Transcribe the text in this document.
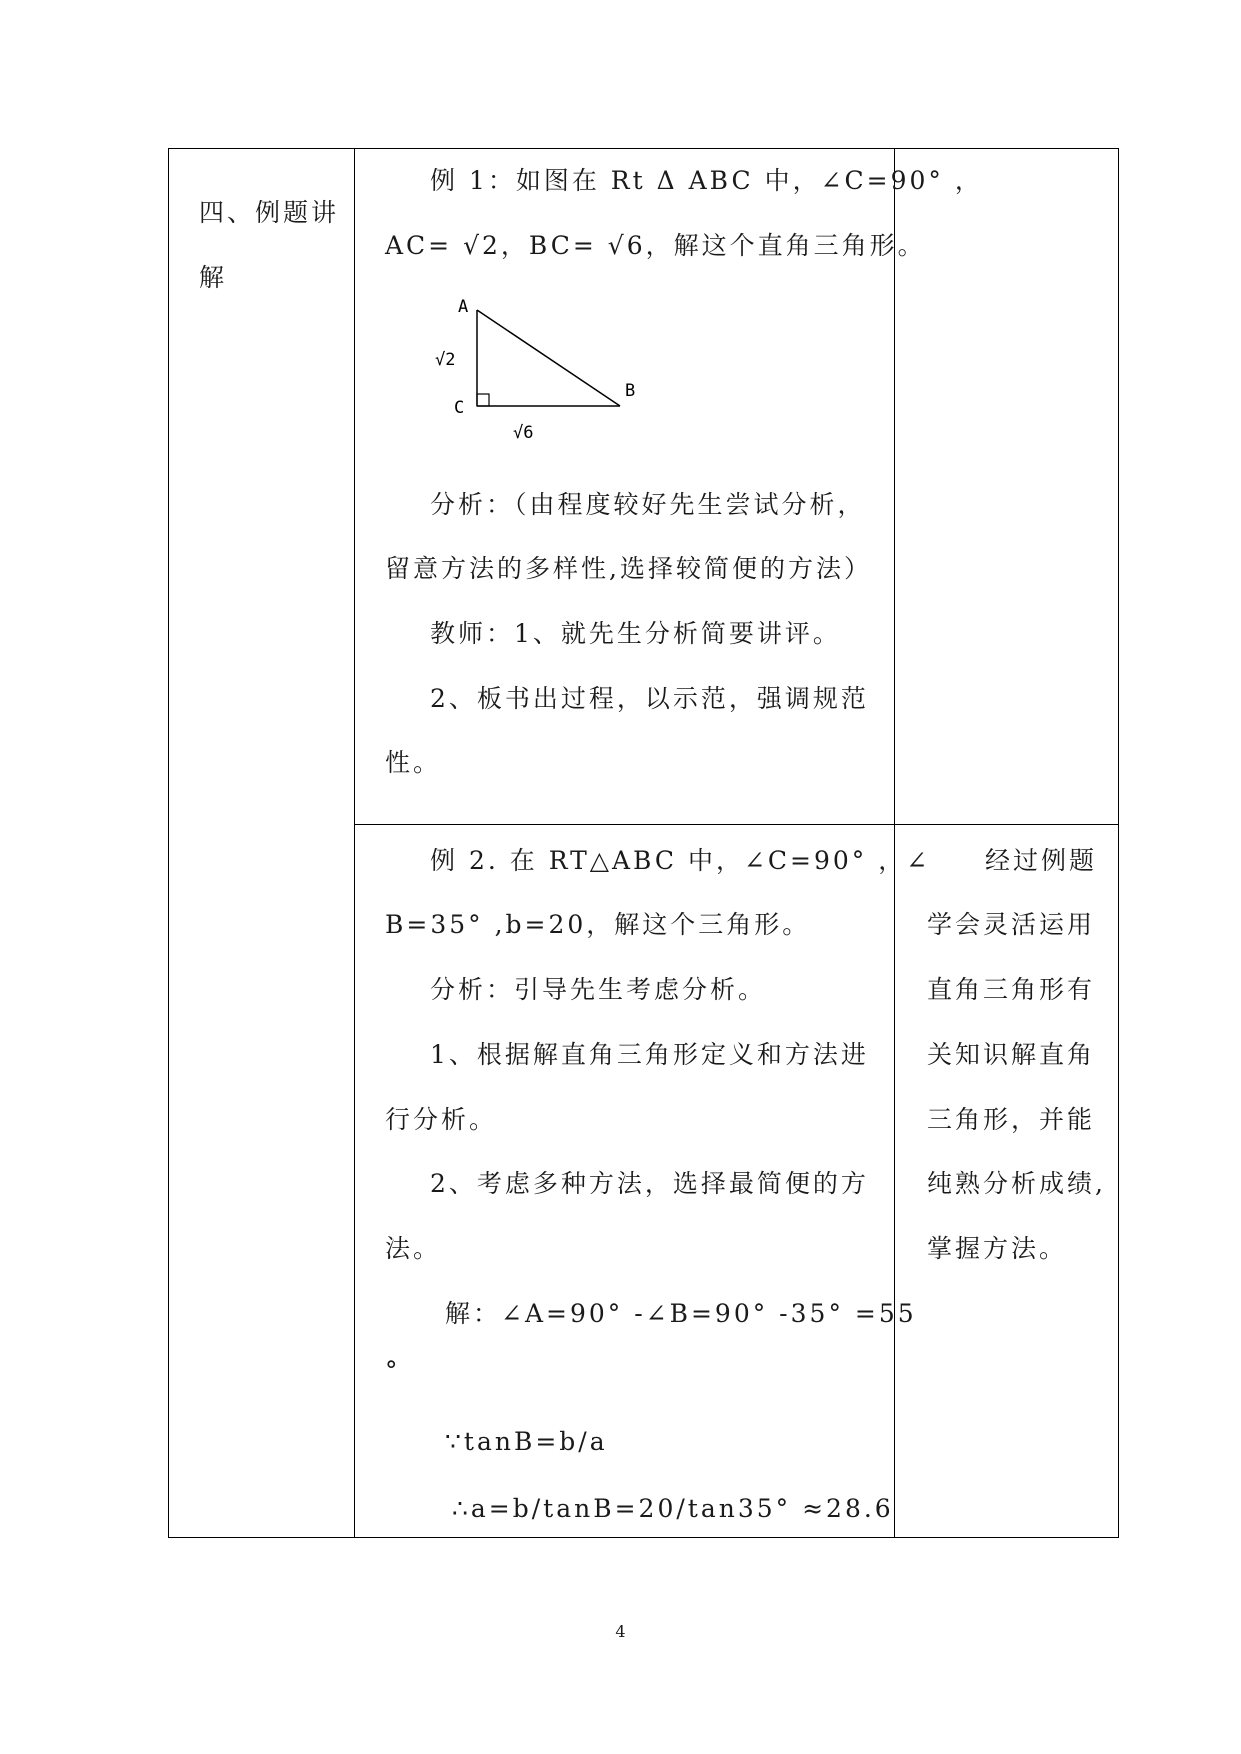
四、例题讲
解
例 1：如图在 Rt Δ ABC 中，∠C=90° ，
AC= √2，BC= √6，解这个直角三角形。
A
B
C
√2
√6
分析：（由程度较好先生尝试分析，
留意方法的多样性,选择较简便的方法）
教师：1、就先生分析简要讲评。
2、板书出过程，以示范，强调规范
性。
例 2. 在 RT△ABC 中，∠C=90° ，∠
B=35° ,b=20，解这个三角形。
分析：引导先生考虑分析。
1、根据解直角三角形定义和方法进
行分析。
2、考虑多种方法，选择最简便的方
法。
解：∠A=90° -∠B=90° -35° =55
°
∵tanB=b/a
∴a=b/tanB=20/tan35° ≈28.6
经过例题
学会灵活运用
直角三角形有
关知识解直角
三角形，并能
纯熟分析成绩,
掌握方法。
4
